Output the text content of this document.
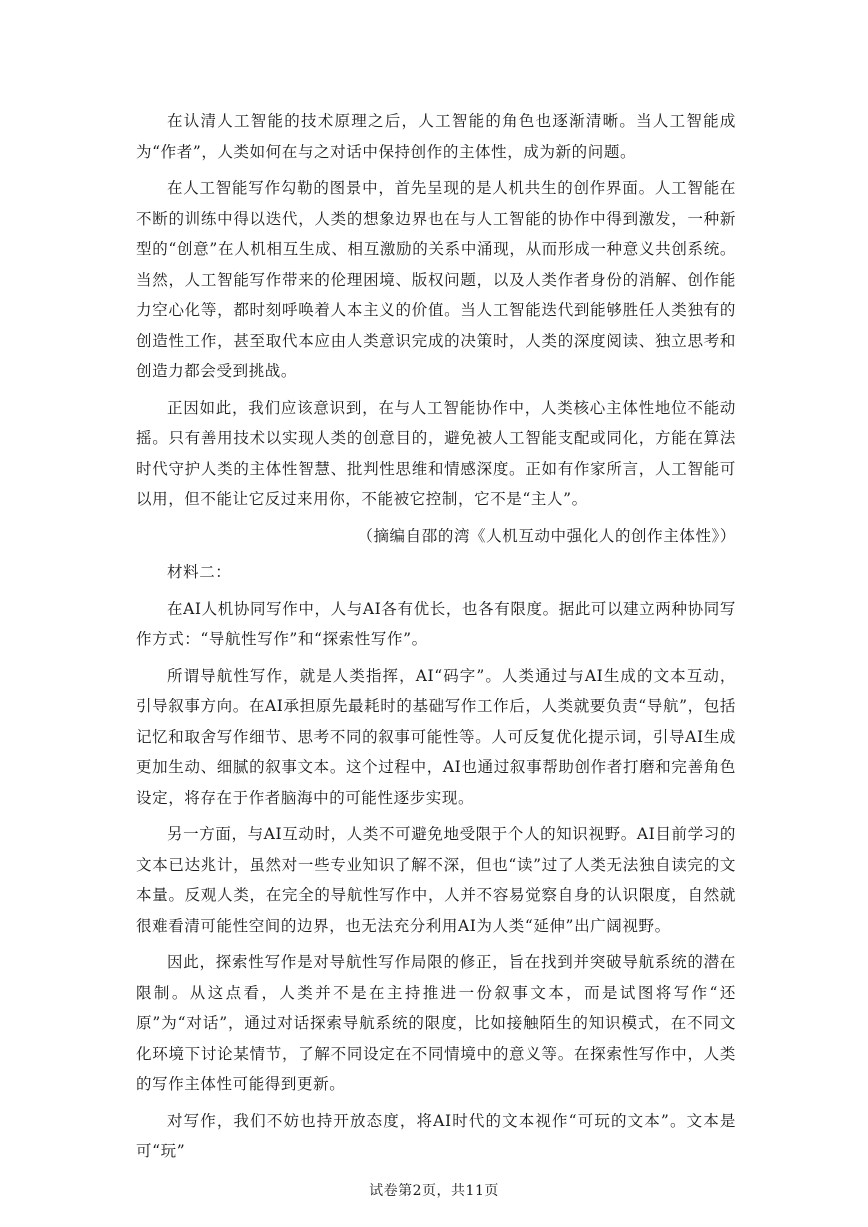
在认清人工智能的技术原理之后，人工智能的角色也逐渐清晰。当人工智能成为“作者”，人类如何在与之对话中保持创作的主体性，成为新的问题。

在人工智能写作勾勒的图景中，首先呈现的是人机共生的创作界面。人工智能在不断的训练中得以迭代，人类的想象边界也在与人工智能的协作中得到激发，一种新型的“创意”在人机相互生成、相互激励的关系中涌现，从而形成一种意义共创系统。当然，人工智能写作带来的伦理困境、版权问题，以及人类作者身份的消解、创作能力空心化等，都时刻呼唤着人本主义的价值。当人工智能迭代到能够胜任人类独有的创造性工作，甚至取代本应由人类意识完成的决策时，人类的深度阅读、独立思考和创造力都会受到挑战。

正因如此，我们应该意识到，在与人工智能协作中，人类核心主体性地位不能动摇。只有善用技术以实现人类的创意目的，避免被人工智能支配或同化，方能在算法时代守护人类的主体性智慧、批判性思维和情感深度。正如有作家所言，人工智能可以用，但不能让它反过来用你，不能被它控制，它不是“主人”。

（摘编自邵的湾《人机互动中强化人的创作主体性》）

材料二：

在AI人机协同写作中，人与AI各有优长，也各有限度。据此可以建立两种协同写作方式：“导航性写作”和“探索性写作”。

所谓导航性写作，就是人类指挥，AI“码字”。人类通过与AI生成的文本互动，引导叙事方向。在AI承担原先最耗时的基础写作工作后，人类就要负责“导航”，包括记忆和取舍写作细节、思考不同的叙事可能性等。人可反复优化提示词，引导AI生成更加生动、细腻的叙事文本。这个过程中，AI也通过叙事帮助创作者打磨和完善角色设定，将存在于作者脑海中的可能性逐步实现。

另一方面，与AI互动时，人类不可避免地受限于个人的知识视野。AI目前学习的文本已达兆计，虽然对一些专业知识了解不深，但也“读”过了人类无法独自读完的文本量。反观人类，在完全的导航性写作中，人并不容易觉察自身的认识限度，自然就很难看清可能性空间的边界，也无法充分利用AI为人类“延伸”出广阔视野。

因此，探索性写作是对导航性写作局限的修正，旨在找到并突破导航系统的潜在限制。从这点看，人类并不是在主持推进一份叙事文本，而是试图将写作“还原”为“对话”，通过对话探索导航系统的限度，比如接触陌生的知识模式，在不同文化环境下讨论某情节，了解不同设定在不同情境中的意义等。在探索性写作中，人类的写作主体性可能得到更新。

对写作，我们不妨也持开放态度，将AI时代的文本视作“可玩的文本”。文本是可“玩”

试卷第2页，共11页
